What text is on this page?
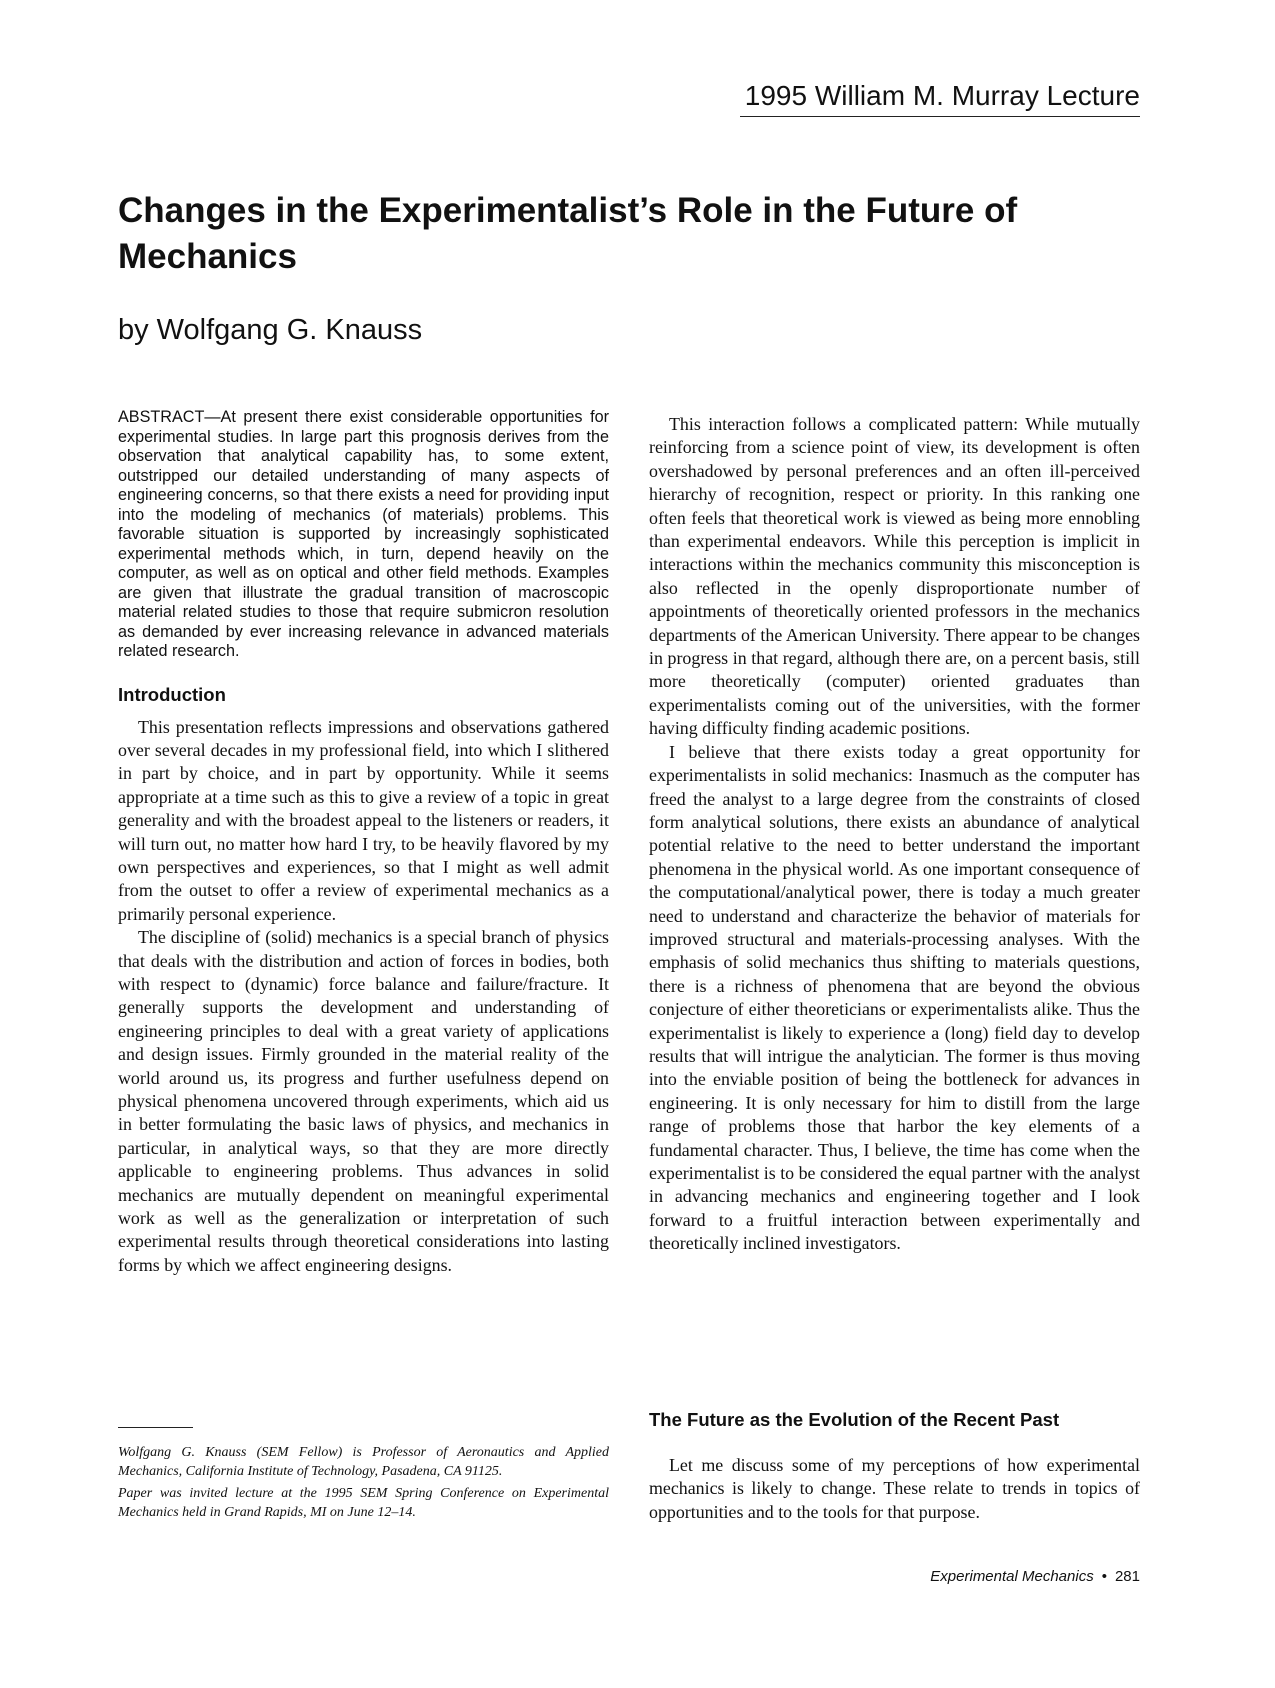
1995 William M. Murray Lecture
Changes in the Experimentalist’s Role in the Future of Mechanics
by Wolfgang G. Knauss

ABSTRACT—At present there exist considerable opportunities for experimental studies. In large part this prognosis derives from the observation that analytical capability has, to some extent, outstripped our detailed understanding of many aspects of engineering concerns, so that there exists a need for providing input into the modeling of mechanics (of materials) problems. This favorable situation is supported by increasingly sophisticated experimental methods which, in turn, depend heavily on the computer, as well as on optical and other field methods. Examples are given that illustrate the gradual transition of macroscopic material related studies to those that require submicron resolution as demanded by ever increasing relevance in advanced materials related research.

Introduction

This presentation reflects impressions and observations gathered over several decades in my professional field, into which I slithered in part by choice, and in part by opportunity. While it seems appropriate at a time such as this to give a review of a topic in great generality and with the broadest appeal to the listeners or readers, it will turn out, no matter how hard I try, to be heavily flavored by my own perspectives and experiences, so that I might as well admit from the outset to offer a review of experimental mechanics as a primarily personal experience.

The discipline of (solid) mechanics is a special branch of physics that deals with the distribution and action of forces in bodies, both with respect to (dynamic) force balance and failure/fracture. It generally supports the development and understanding of engineering principles to deal with a great variety of applications and design issues. Firmly grounded in the material reality of the world around us, its progress and further usefulness depend on physical phenomena uncovered through experiments, which aid us in better formulating the basic laws of physics, and mechanics in particular, in analytical ways, so that they are more directly applicable to engineering problems. Thus advances in solid mechanics are mutually dependent on meaningful experimental work as well as the generalization or interpretation of such experimental results through theoretical considerations into lasting forms by which we affect engineering designs.

This interaction follows a complicated pattern: While mutually reinforcing from a science point of view, its development is often overshadowed by personal preferences and an often ill-perceived hierarchy of recognition, respect or priority. In this ranking one often feels that theoretical work is viewed as being more ennobling than experimental endeavors. While this perception is implicit in interactions within the mechanics community this misconception is also reflected in the openly disproportionate number of appointments of theoretically oriented professors in the mechanics departments of the American University. There appear to be changes in progress in that regard, although there are, on a percent basis, still more theoretically (computer) oriented graduates than experimentalists coming out of the universities, with the former having difficulty finding academic positions.

I believe that there exists today a great opportunity for experimentalists in solid mechanics: Inasmuch as the computer has freed the analyst to a large degree from the constraints of closed form analytical solutions, there exists an abundance of analytical potential relative to the need to better understand the important phenomena in the physical world. As one important consequence of the computational/analytical power, there is today a much greater need to understand and characterize the behavior of materials for improved structural and materials-processing analyses. With the emphasis of solid mechanics thus shifting to materials questions, there is a richness of phenomena that are beyond the obvious conjecture of either theoreticians or experimentalists alike. Thus the experimentalist is likely to experience a (long) field day to develop results that will intrigue the analytician. The former is thus moving into the enviable position of being the bottleneck for advances in engineering. It is only necessary for him to distill from the large range of problems those that harbor the key elements of a fundamental character. Thus, I believe, the time has come when the experimentalist is to be considered the equal partner with the analyst in advancing mechanics and engineering together and I look forward to a fruitful interaction between experimentally and theoretically inclined investigators.

Wolfgang G. Knauss (SEM Fellow) is Professor of Aeronautics and Applied Mechanics, California Institute of Technology, Pasadena, CA 91125.

Paper was invited lecture at the 1995 SEM Spring Conference on Experimental Mechanics held in Grand Rapids, MI on June 12–14.

The Future as the Evolution of the Recent Past

Let me discuss some of my perceptions of how experimental mechanics is likely to change. These relate to trends in topics of opportunities and to the tools for that purpose.

Experimental Mechanics • 281
